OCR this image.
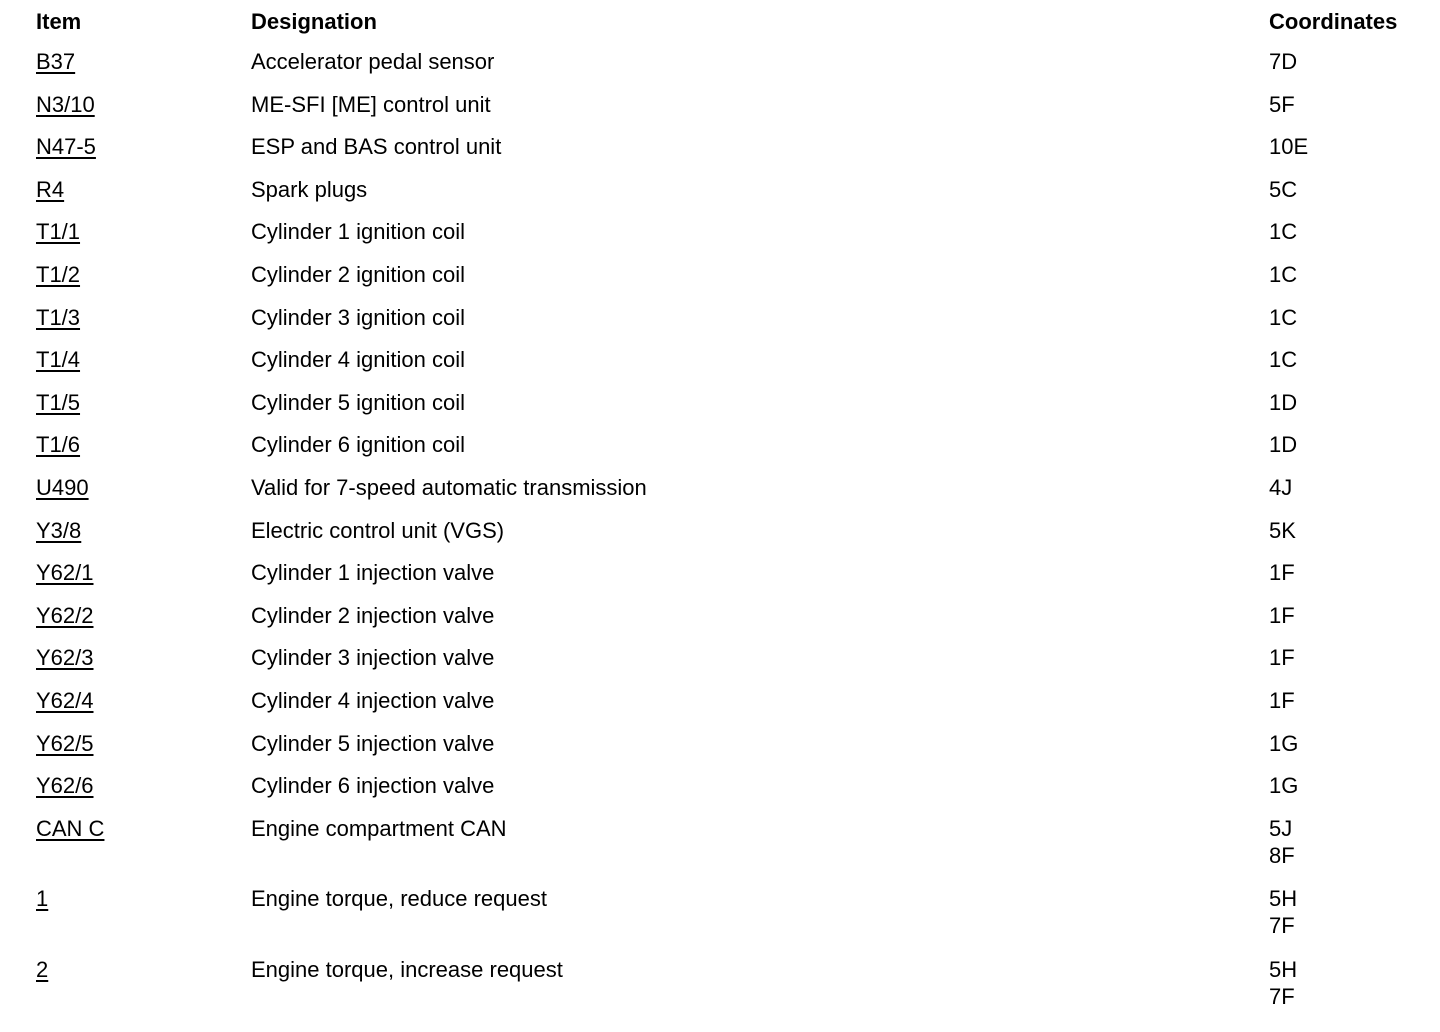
Item	Designation	Coordinates
B37	Accelerator pedal sensor	7D
N3/10	ME-SFI [ME] control unit	5F
N47-5	ESP and BAS control unit	10E
R4	Spark plugs	5C
T1/1	Cylinder 1 ignition coil	1C
T1/2	Cylinder 2 ignition coil	1C
T1/3	Cylinder 3 ignition coil	1C
T1/4	Cylinder 4 ignition coil	1C
T1/5	Cylinder 5 ignition coil	1D
T1/6	Cylinder 6 ignition coil	1D
U490	Valid for 7-speed automatic transmission	4J
Y3/8	Electric control unit (VGS)	5K
Y62/1	Cylinder 1 injection valve	1F
Y62/2	Cylinder 2 injection valve	1F
Y62/3	Cylinder 3 injection valve	1F
Y62/4	Cylinder 4 injection valve	1F
Y62/5	Cylinder 5 injection valve	1G
Y62/6	Cylinder 6 injection valve	1G
CAN C	Engine compartment CAN	5J
8F
1	Engine torque, reduce request	5H
7F
2	Engine torque, increase request	5H
7F
